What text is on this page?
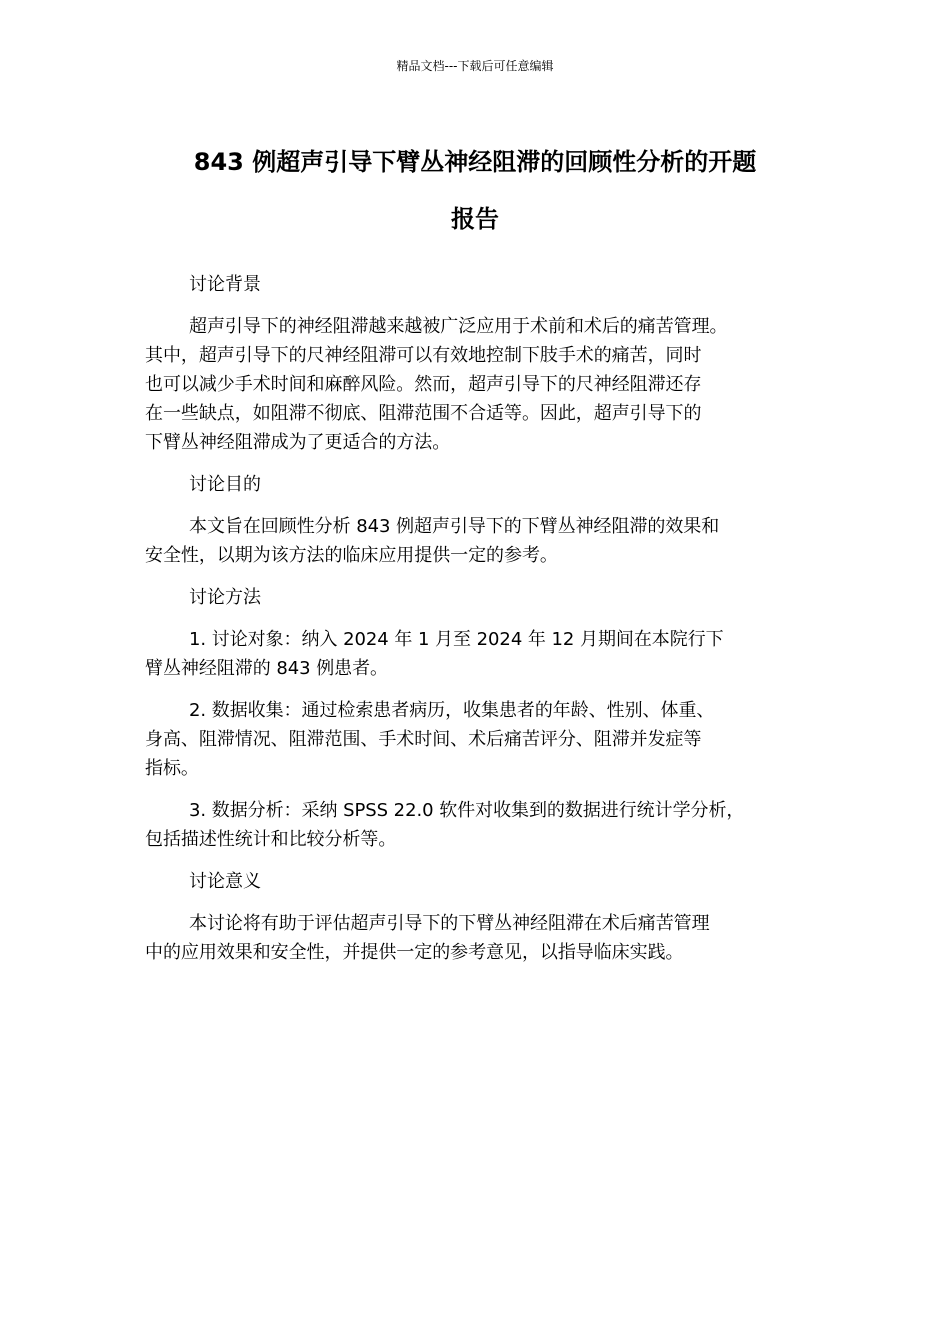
精品文档---下载后可任意编辑
843 例超声引导下臂丛神经阻滞的回顾性分析的开题
报告

讨论背景

超声引导下的神经阻滞越来越被广泛应用于术前和术后的痛苦管理。
其中，超声引导下的尺神经阻滞可以有效地控制下肢手术的痛苦，同时
也可以减少手术时间和麻醉风险。然而，超声引导下的尺神经阻滞还存
在一些缺点，如阻滞不彻底、阻滞范围不合适等。因此，超声引导下的
下臂丛神经阻滞成为了更适合的方法。

讨论目的

本文旨在回顾性分析 843 例超声引导下的下臂丛神经阻滞的效果和
安全性，以期为该方法的临床应用提供一定的参考。

讨论方法

1. 讨论对象：纳入 2024 年 1 月至 2024 年 12 月期间在本院行下
臂丛神经阻滞的 843 例患者。

2. 数据收集：通过检索患者病历，收集患者的年龄、性别、体重、
身高、阻滞情况、阻滞范围、手术时间、术后痛苦评分、阻滞并发症等
指标。

3. 数据分析：采纳 SPSS 22.0 软件对收集到的数据进行统计学分析，
包括描述性统计和比较分析等。

讨论意义

本讨论将有助于评估超声引导下的下臂丛神经阻滞在术后痛苦管理
中的应用效果和安全性，并提供一定的参考意见，以指导临床实践。
